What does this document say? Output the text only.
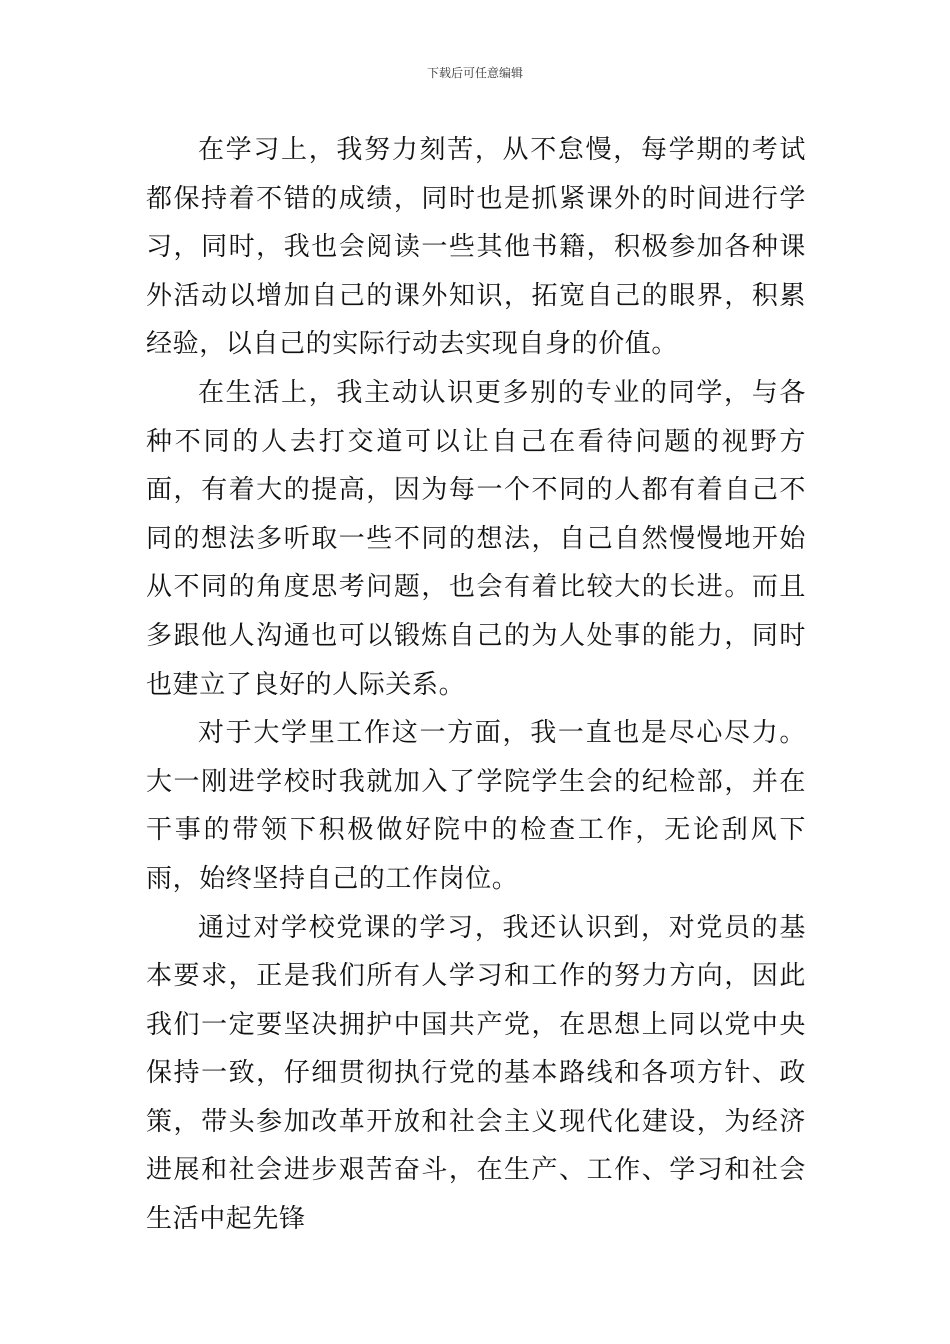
下载后可任意编辑

在学习上，我努力刻苦，从不怠慢，每学期的考试都保持着不错的成绩，同时也是抓紧课外的时间进行学习，同时，我也会阅读一些其他书籍，积极参加各种课外活动以增加自己的课外知识，拓宽自己的眼界，积累经验，以自己的实际行动去实现自身的价值。

在生活上，我主动认识更多别的专业的同学，与各种不同的人去打交道可以让自己在看待问题的视野方面，有着大的提高，因为每一个不同的人都有着自己不同的想法多听取一些不同的想法，自己自然慢慢地开始从不同的角度思考问题，也会有着比较大的长进。而且多跟他人沟通也可以锻炼自己的为人处事的能力，同时也建立了良好的人际关系。

对于大学里工作这一方面，我一直也是尽心尽力。大一刚进学校时我就加入了学院学生会的纪检部，并在干事的带领下积极做好院中的检查工作，无论刮风下雨，始终坚持自己的工作岗位。

通过对学校党课的学习，我还认识到，对党员的基本要求，正是我们所有人学习和工作的努力方向，因此我们一定要坚决拥护中国共产党，在思想上同以党中央保持一致，仔细贯彻执行党的基本路线和各项方针、政策，带头参加改革开放和社会主义现代化建设，为经济进展和社会进步艰苦奋斗，在生产、工作、学习和社会生活中起先锋
